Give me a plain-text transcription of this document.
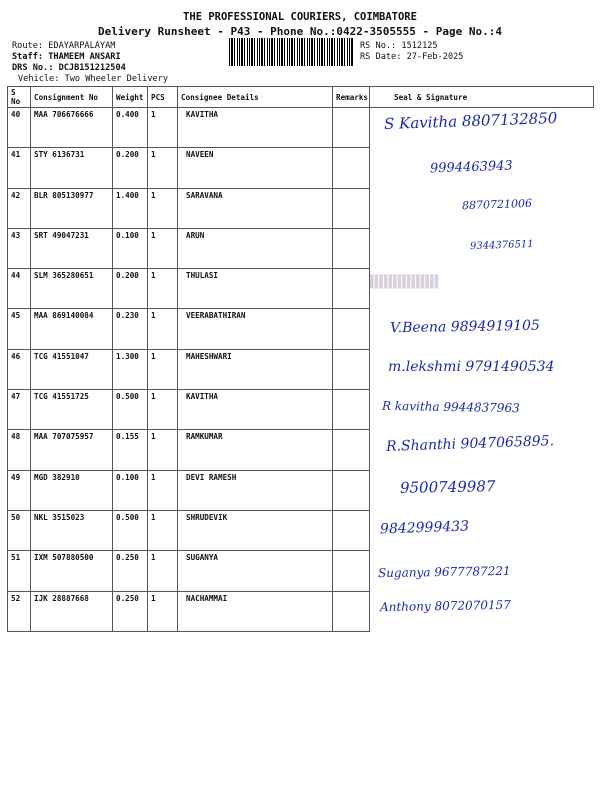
THE PROFESSIONAL COURIERS, COIMBATORE
Delivery Runsheet - P43 - Phone No.:0422-3505555 - Page No.:4
Route: EDAYARPALAYAM
Staff: THAMEEM ANSARI
DRS No.: DCJB151212504
Vehicle: Two Wheeler Delivery
RS No.: 1512125
RS Date: 27-Feb-2025
S No	Consignment No	Weight	PCS	Consignee Details	Remarks	Seal & Signature
40	MAA 706676666	0.400	1	KAVITHA		S Kavitha 8807132850

41	STY 6136731	0.200	1	NAVEEN		9994463943

42	BLR 805130977	1.400	1	SARAVANA		8870721006

43	SRT 49047231	0.100	1	ARUN		9344376511

44	SLM 365280651	0.200	1	THULASI		▒▒▒▒▒▒▒▒▒▒▒▒▒▒▒
▒▒▒▒▒▒▒▒▒▒▒▒▒▒▒

45	MAA 869140084	0.230	1	VEERABATHIRAN		V.Beena 9894919105

46	TCG 41551047	1.300	1	MAHESHWARI		m.lekshmi 9791490534

47	TCG 41551725	0.500	1	KAVITHA		R kavitha 9944837963

48	MAA 707075957	0.155	1	RAMKUMAR		R.Shanthi 9047065895.

49	MGD 382910	0.100	1	DEVI RAMESH		9500749987

50	NKL 3515023	0.500	1	SHRUDEVIK		9842999433

51	IXM 507880500	0.250	1	SUGANYA		Suganya 9677787221

52	IJK 28887668	0.250	1	NACHAMMAI		Anthony 8072070157
